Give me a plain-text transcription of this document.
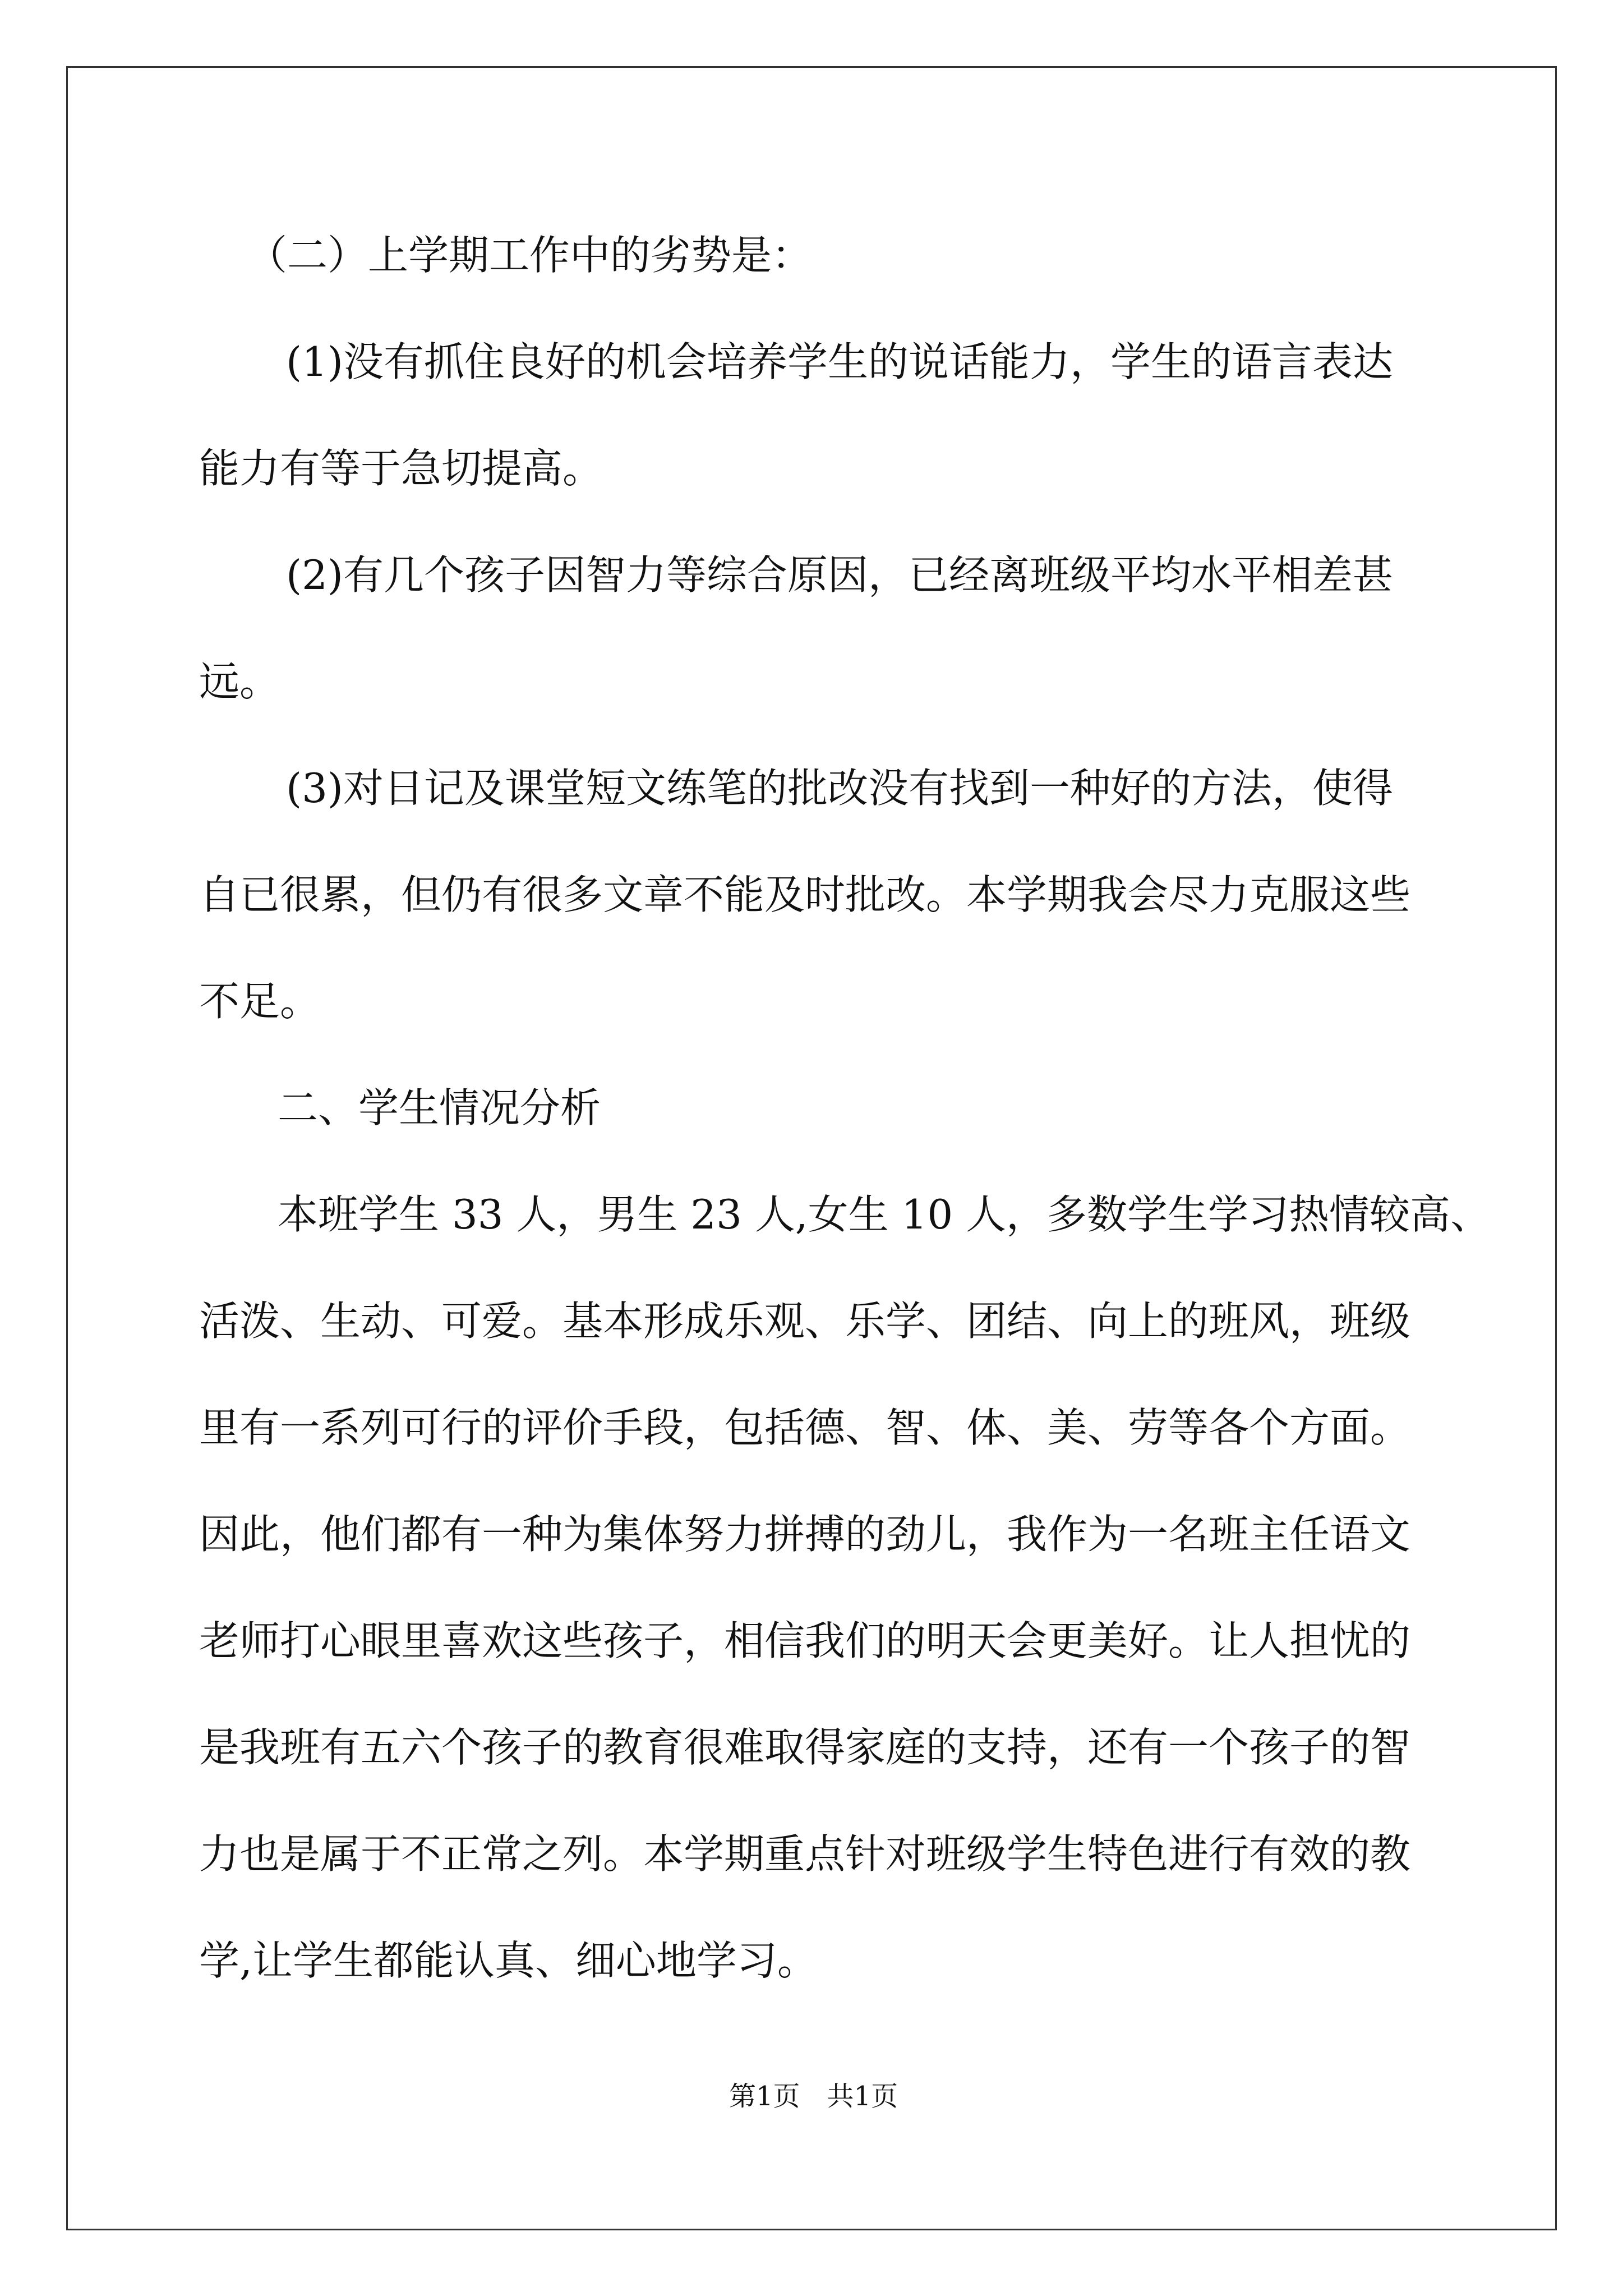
（二）上学期工作中的劣势是：
(1)没有抓住良好的机会培养学生的说话能力，学生的语言表达
能力有等于急切提高。
(2)有几个孩子因智力等综合原因，已经离班级平均水平相差甚
远。
(3)对日记及课堂短文练笔的批改没有找到一种好的方法，使得
自已很累，但仍有很多文章不能及时批改。本学期我会尽力克服这些
不足。
二、学生情况分析
本班学生 33 人，男生 23 人,女生 10 人，多数学生学习热情较高、
活泼、生动、可爱。基本形成乐观、乐学、团结、向上的班风，班级
里有一系列可行的评价手段，包括德、智、体、美、劳等各个方面。
因此，他们都有一种为集体努力拼搏的劲儿，我作为一名班主任语文
老师打心眼里喜欢这些孩子，相信我们的明天会更美好。让人担忧的
是我班有五六个孩子的教育很难取得家庭的支持，还有一个孩子的智
力也是属于不正常之列。本学期重点针对班级学生特色进行有效的教
学,让学生都能认真、细心地学习。
第1页 共1页
